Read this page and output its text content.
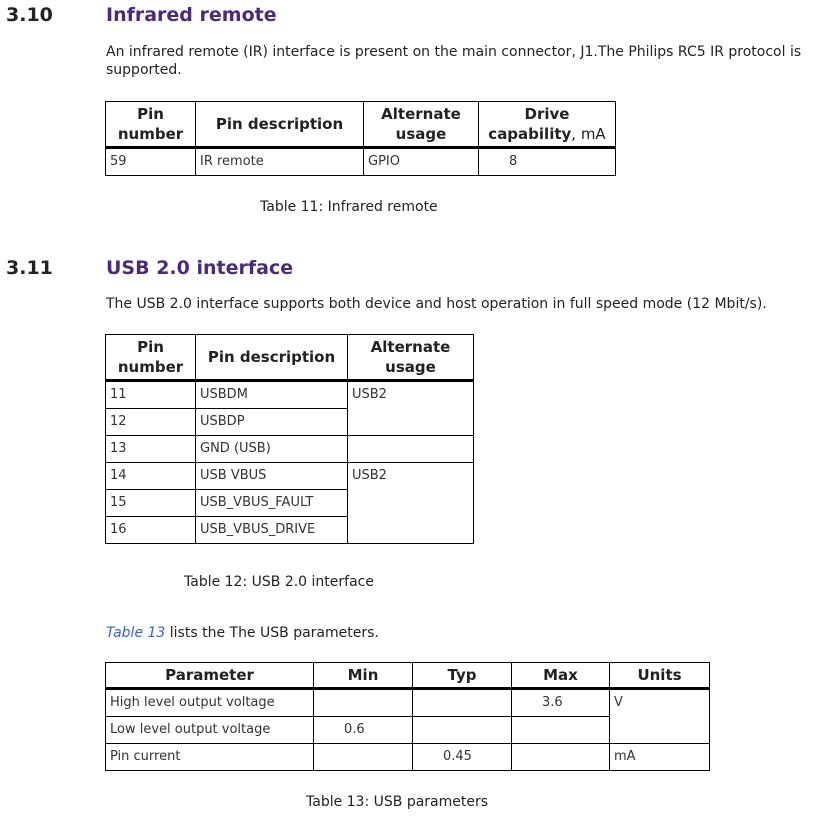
3.10	Infrared remote

An infrared remote (IR) interface is present on the main connector, J1.The Philips RC5 IR protocol is supported.

Pin number	Pin description	Alternate usage	Drive capability, mA
59	IR remote	GPIO	8
Table 11: Infrared remote
3.11	USB 2.0 interface

The USB 2.0 interface supports both device and host operation in full speed mode (12 Mbit/s).

Pin number	Pin description	Alternate usage
11	USBDM	USB2
12	USBDP	
13	GND (USB)	
14	USB VBUS	USB2
15	USB_VBUS_FAULT	
16	USB_VBUS_DRIVE	
Table 12: USB 2.0 interface
Table 13 lists the The USB parameters.
Parameter	Min	Typ	Max	Units
High level output voltage			3.6	V
Low level output voltage	0.6			
Pin current		0.45		mA
Table 13: USB parameters
